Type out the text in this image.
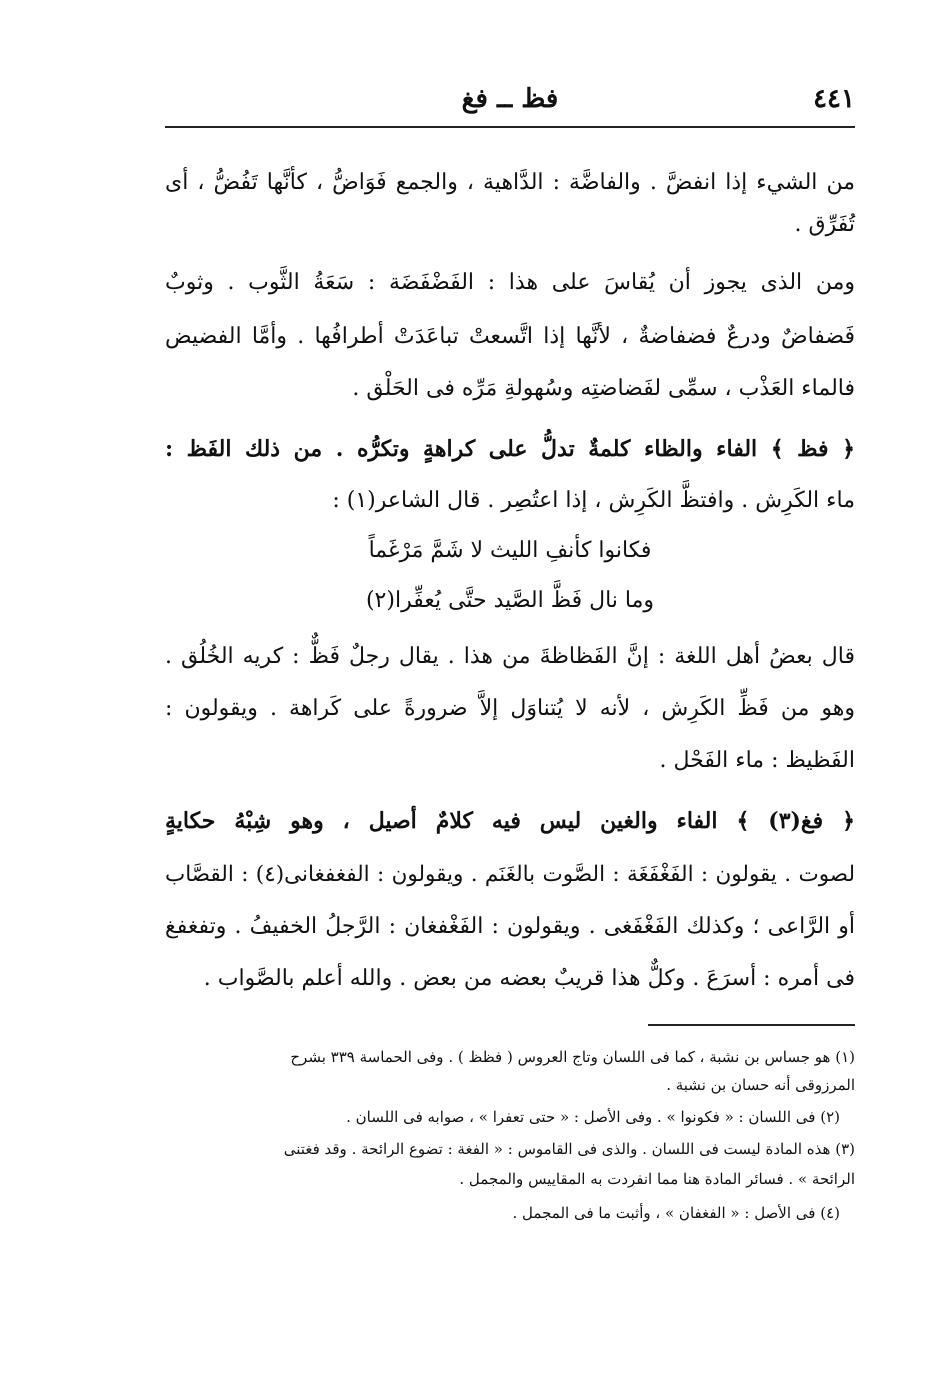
٤٤١
فظ ــ فغ
من الشيء إذا انفضَّ . والفاضَّة : الدَّاهية ، والجمع فَوَاضُّ ، كأنَّها تَفُضُّ ، أى
تُفَرِّق .
ومن الذى يجوز أن يُقاسَ على هذا : الفَضْفَضَة : سَعَةُ الثَّوب . وثوبٌ
فَضفاضٌ ودرعٌ فضفاضةٌ ، لأنَّها إذا اتَّسعتْ تباعَدَتْ أطرافُها . وأمَّا الفضيض
فالماء العَذْب ، سمِّى لفَضاضتِه وسُهولةِ مَرِّه فى الحَلْق .
﴿ فظ ﴾ الفاء والظاء كلمةٌ تدلُّ على كراهةٍ وتكرُّه . من ذلك الفَظ :
ماء الكَرِش . وافتظَّ الكَرِش ، إذا اعتُصِر . قال الشاعر(١) :
فكانوا كأنفِ الليث لا شَمَّ مَرْغَماً
وما نال فَظَّ الصَّيد حتَّى يُعفِّرا(٢)
قال بعضُ أهل اللغة : إنَّ الفَظاظةَ من هذا . يقال رجلٌ فَظٌّ : كريه الخُلُق .
وهو من فَظِّ الكَرِش ، لأنه لا يُتناوَل إلاَّ ضرورةً على كَراهة . ويقولون :
الفَظيظ : ماء الفَحْل .
﴿ فغ(٣) ﴾ الفاء والغين ليس فيه كلامٌ أصيل ، وهو شِبْهُ حكايةٍ
لصوت . يقولون : الفَغْفَغَة : الصَّوت بالغَنَم . ويقولون : الفغفغانى(٤) : القصَّاب
أو الرَّاعى ؛ وكذلك الفَغْفَغى . ويقولون : الفَغْفغان : الرَّجلُ الخفيفُ . وتفغفغ
فى أمره : أسرَعَ . وكلٌّ هذا قريبٌ بعضه من بعض . والله أعلم بالصَّواب .
(١) هو جساس بن نشبة ، كما فى اللسان وتاج العروس ( فظظ ) . وفى الحماسة ٣٣٩ بشرح
المرزوقى أنه حسان بن نشبة .
(٢) فى اللسان : « فكونوا » . وفى الأصل : « حتى تعفرا » ، صوابه فى اللسان .
(٣) هذه المادة ليست فى اللسان . والذى فى القاموس : « الفغة : تضوع الرائحة . وقد فغتنى
الرائحة » . فسائر المادة هنا مما انفردت به المقاييس والمجمل .
(٤) فى الأصل : « الفغفان » ، وأثبت ما فى المجمل .
